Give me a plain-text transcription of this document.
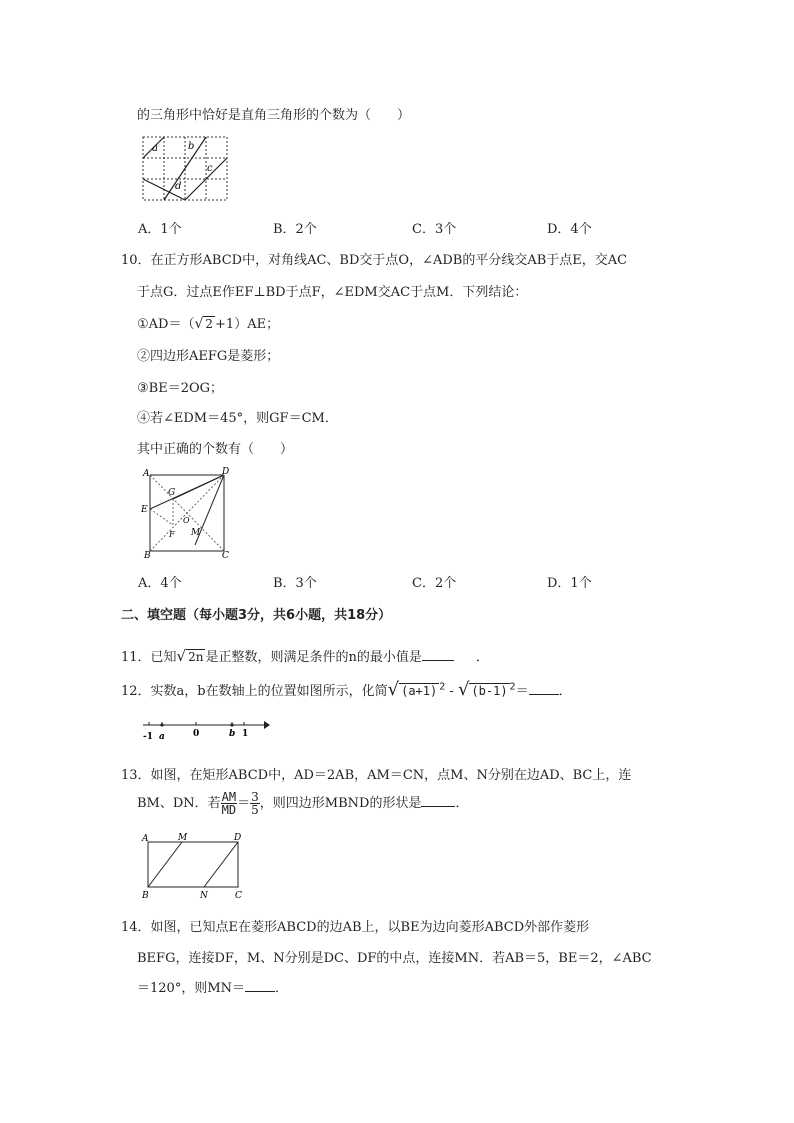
的三角形中恰好是直角三角形的个数为（　　）
a	b
c
d
A．1个	B．2个	C．3个	D．4个
10．在正方形ABCD中，对角线AC、BD交于点O，∠ADB的平分线交AB于点E，交AC
于点G．过点E作EF⊥BD于点F，∠EDM交AC于点M．下列结论：
①AD＝（√ 2 +1）AE；
②四边形AEFG是菱形；
③BE＝2OG；
④若∠EDM＝45°，则GF＝CM．
其中正确的个数有（　　）
A	D
G
E
O
F M
B	C
A．4个	B．3个	C．2个	D．1个
二、填空题（每小题3分，共6小题，共18分）
11．已知√ 2n 是正整数，则满足条件的n的最小值是	．
12．实数a，b在数轴上的位置如图所示，化简√ (a+1) $^2$ - √ (b-1) $^2$＝ ．
-1 a	0	b 1
13．如图，在矩形ABCD中，AD＝2AB，AM＝CN，点M、N分别在边AD、BC上，连
BM、DN．若 $\frac{AM}{MD} = \frac{3}{5}$ ，则四边形MBND的形状是	．
A	M	D
B	N	C
14．如图，已知点E在菱形ABCD的边AB上，以BE为边向菱形ABCD外部作菱形
BEFG，连接DF，M、N分别是DC、DF的中点，连接MN．若AB＝5，BE＝2，∠ABC
＝120°，则MN＝ ．
